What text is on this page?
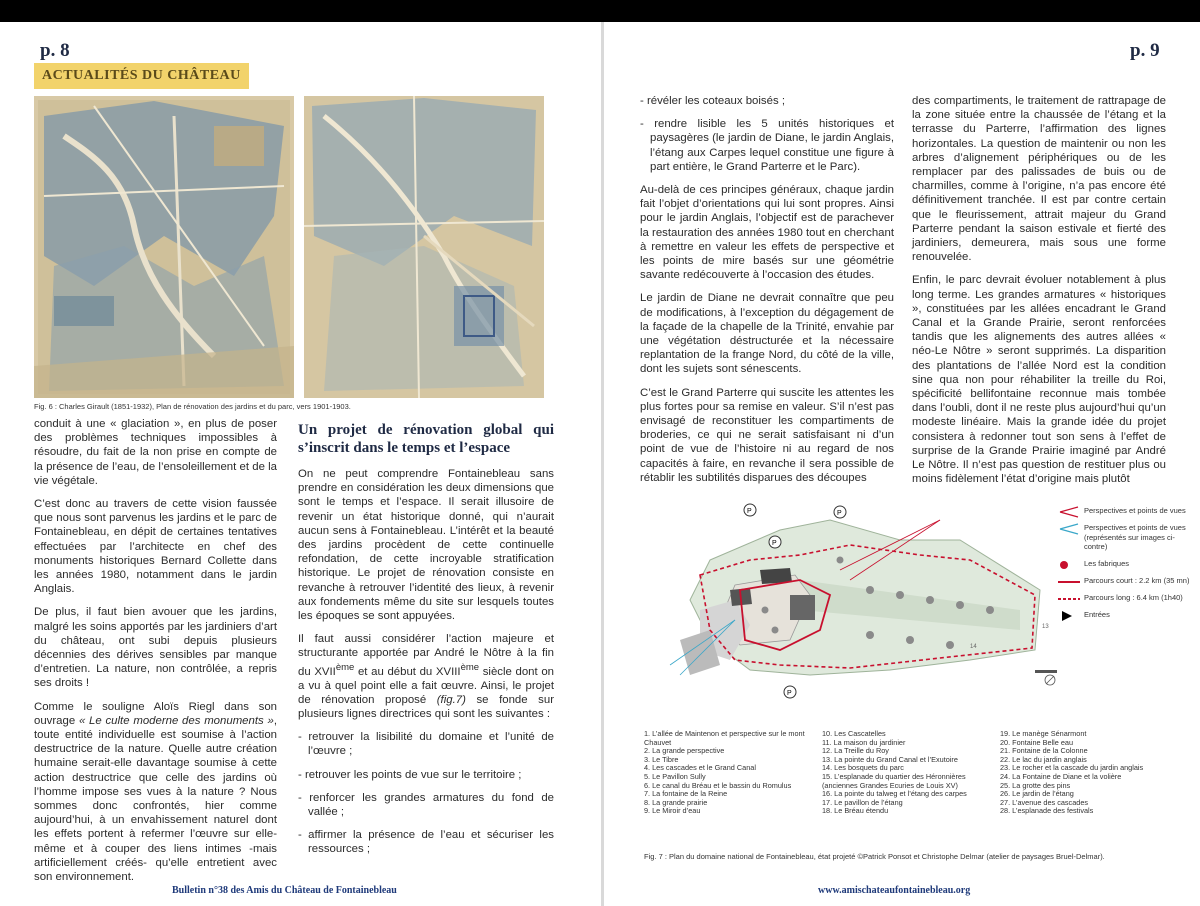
p. 8	p. 9
ACTUALITÉS DU CHÂTEAU
Fig. 6 : Charles Girault (1851-1932), Plan de rénovation des jardins et du parc, vers 1901-1903.

conduit à une « glaciation », en plus de poser des problèmes techniques impossibles à résoudre, du fait de la non prise en compte de la présence de l’eau, de l’ensoleillement et de la vie végétale.

C’est donc au travers de cette vision faussée que nous sont parvenus les jardins et le parc de Fontainebleau, en dépit de certaines tentatives effectuées par l’architecte en chef des monuments historiques Bernard Collette dans les années 1980, notamment dans le jardin Anglais.

De plus, il faut bien avouer que les jardins, malgré les soins apportés par les jardiniers d’art du château, ont subi depuis plusieurs décennies des dérives sensibles par manque d’entretien. La nature, non contrôlée, a repris ses droits !

Comme le souligne Aloïs Riegl dans son ouvrage « Le culte moderne des monuments », toute entité individuelle est soumise à l’action destructrice de la nature. Quelle autre création humaine serait-elle davantage soumise à cette action destructrice que celle des jardins où l’homme impose ses vues à la nature ? Nous sommes donc confrontés, hier comme aujourd’hui, à un envahissement naturel dont les effets portent à refermer l’œuvre sur elle-même et à couper des liens intimes -mais artificiellement créés- qu’elle entretient avec son environnement.

Un projet de rénovation global qui s’inscrit dans le temps et l’espace

On ne peut comprendre Fontainebleau sans prendre en considération les deux dimensions que sont le temps et l’espace. Il serait illusoire de revenir un état historique donné, qui n’aurait aucun sens à Fontainebleau. L’intérêt et la beauté des jardins procèdent de cette continuelle refondation, de cette incroyable stratification historique. Le projet de rénovation consiste en revanche à retrouver l’identité des lieux, à revenir aux fondements même du site sur lesquels toutes les époques se sont appuyées.

Il faut aussi considérer l’action majeure et structurante apportée par André le Nôtre à la fin du XVIIème et au début du XVIIIème siècle dont on a vu à quel point elle a fait œuvre. Ainsi, le projet de rénovation proposé (fig.7) se fonde sur plusieurs lignes directrices qui sont les suivantes :

- retrouver la lisibilité du domaine et l’unité de l’œuvre ;

- retrouver les points de vue sur le territoire ;

- renforcer les grandes armatures du fond de vallée ;

- affirmer la présence de l’eau et sécuriser les ressources ;

- révéler les coteaux boisés ;

- rendre lisible les 5 unités historiques et paysagères (le jardin de Diane, le jardin Anglais, l’étang aux Carpes lequel constitue une figure à part entière, le Grand Parterre et le Parc).

Au-delà de ces principes généraux, chaque jardin fait l’objet d’orientations qui lui sont propres. Ainsi pour le jardin Anglais, l’objectif est de parachever la restauration des années 1980 tout en cherchant à remettre en valeur les effets de perspective et les points de mire basés sur une géométrie savante redécouverte à l’occasion des études.

Le jardin de Diane ne devrait connaître que peu de modifications, à l’exception du dégagement de la façade de la chapelle de la Trinité, envahie par une végétation déstructurée et la nécessaire replantation de la frange Nord, du côté de la ville, dont les sujets sont sénescents.

C’est le Grand Parterre qui suscite les attentes les plus fortes pour sa remise en valeur. S’il n’est pas envisagé de reconstituer les compartiments de broderies, ce qui ne serait satisfaisant ni d’un point de vue de l’histoire ni au regard de nos capacités à faire, en revanche il sera possible de rétablir les subtilités disparues des découpes

des compartiments, le traitement de rattrapage de la zone située entre la chaussée de l’étang et la terrasse du Parterre, l’affirmation des lignes horizontales. La question de maintenir ou non les arbres d’alignement périphériques ou de les remplacer par des palissades de buis ou de charmilles, comme à l’origine, n’a pas encore été définitivement tranchée. Il est par contre certain que le fleurissement, attrait majeur du Grand Parterre pendant la saison estivale et fierté des jardiniers, demeurera, mais sous une forme renouvelée.

Enfin, le parc devrait évoluer notablement à plus long terme. Les grandes armatures « historiques », constituées par les allées encadrant le Grand Canal et la Grande Prairie, seront renforcées tandis que les alignements des autres allées « néo-Le Nôtre » seront supprimés. La disparition des plantations de l’allée Nord est la condition sine qua non pour réhabiliter la treille du Roi, spécificité bellifontaine reconnue mais tombée dans l’oubli, dont il ne reste plus aujourd’hui qu’un modeste linéaire. Mais la grande idée du projet consistera à redonner tout son sens à l’effet de surprise de la Grande Prairie imaginé par André Le Nôtre. Il n’est pas question de restituer plus ou moins fidèlement l’état d’origine mais plutôt

P
P
P
P
13
14
Perspectives et points de vues
Perspectives et points de vues (représentés sur images ci-contre)
Les fabriques
Parcours court : 2.2 km (35 mn)
Parcours long : 6.4 km (1h40)
Entrées
1. L’allée de Maintenon et perspective sur le mont Chauvet
2. La grande perspective
3. Le Tibre
4. Les cascades et le Grand Canal
5. Le Pavillon Sully
6. Le canal du Bréau et le bassin du Romulus
7. La fontaine de la Reine
8. La grande prairie
9. Le Miroir d’eau
10. Les Cascatelles
11. La maison du jardinier
12. La Treille du Roy
13. La pointe du Grand Canal et l’Exutoire
14. Les bosquets du parc
15. L’esplanade du quartier des Héronnières (anciennes Grandes Ecuries de Louis XV)
16. La pointe du talweg et l’étang des carpes
17. Le pavillon de l’étang
18. Le Bréau étendu
19. Le manège Sénarmont
20. Fontaine Belle eau
21. Fontaine de la Colonne
22. Le lac du jardin anglais
23. Le rocher et la cascade du jardin anglais
24. La Fontaine de Diane et la volière
25. La grotte des pins
26. Le jardin de l’étang
27. L’avenue des cascades
28. L’esplanade des festivals
Fig. 7 : Plan du domaine national de Fontainebleau, état projeté ©Patrick Ponsot et Christophe Delmar (atelier de paysages Bruel-Delmar).
Bulletin n°38 des Amis du Château de Fontainebleau	www.amischateaufontainebleau.org
